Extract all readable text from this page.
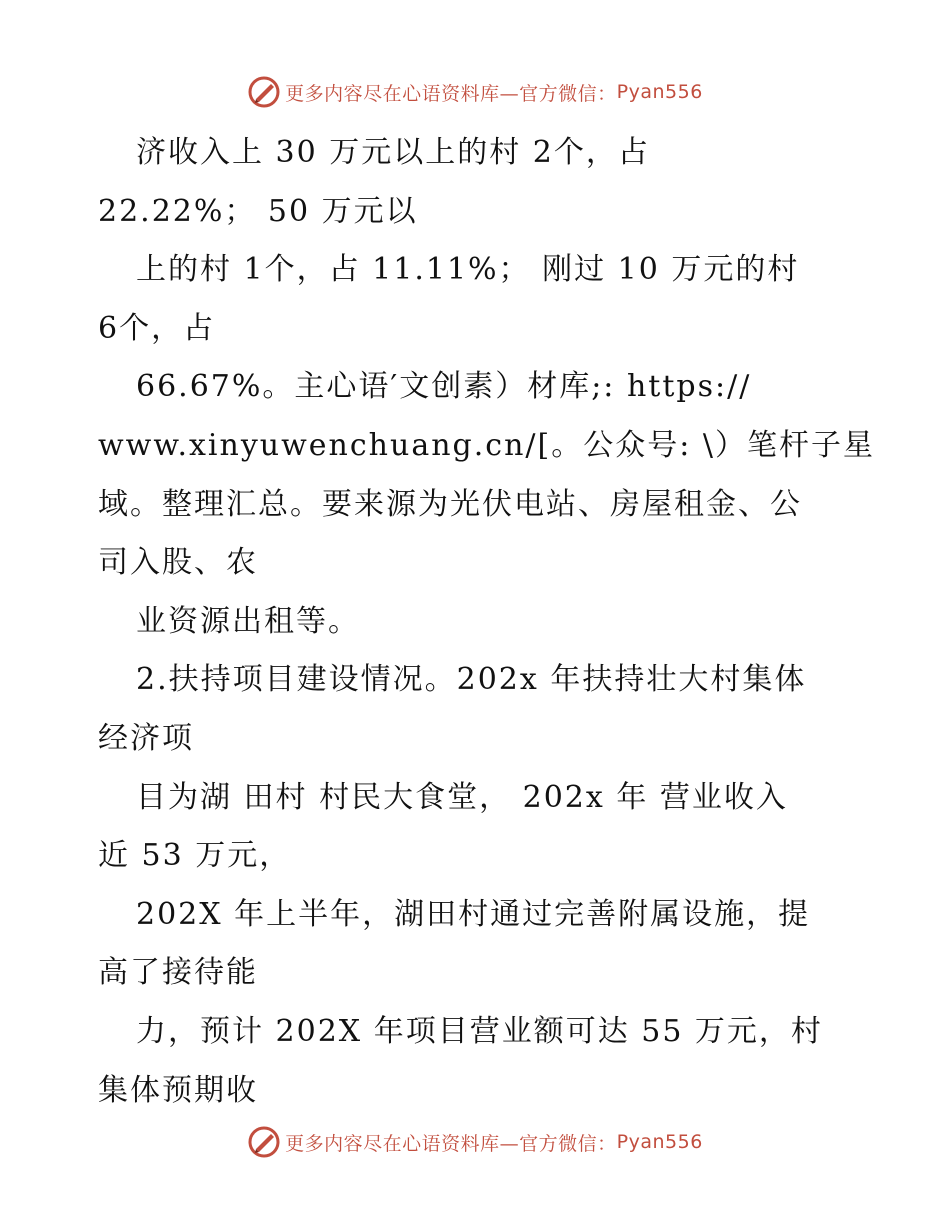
更多内容尽在心语资料库—官方微信： Pyan556
济收入上 30 万元以上的村 2个，占
22.22%； 50 万元以
上的村 1个，占 11.11%； 刚过 10 万元的村
6个，占
66.67%。主心语′文创素）材库;: https://
www.xinyuwenchuang.cn/[。公众号: \）笔杆子星
域。整理汇总。要来源为光伏电站、房屋租金、公
司入股、农
业资源出租等。
2.扶持项目建设情况。202x 年扶持壮大村集体
经济项
目为湖 田村 村民大食堂， 202x 年 营业收入
近 53 万元，
202X 年上半年，湖田村通过完善附属设施，提
高了接待能
力，预计 202X 年项目营业额可达 55 万元，村
集体预期收
更多内容尽在心语资料库—官方微信： Pyan556
